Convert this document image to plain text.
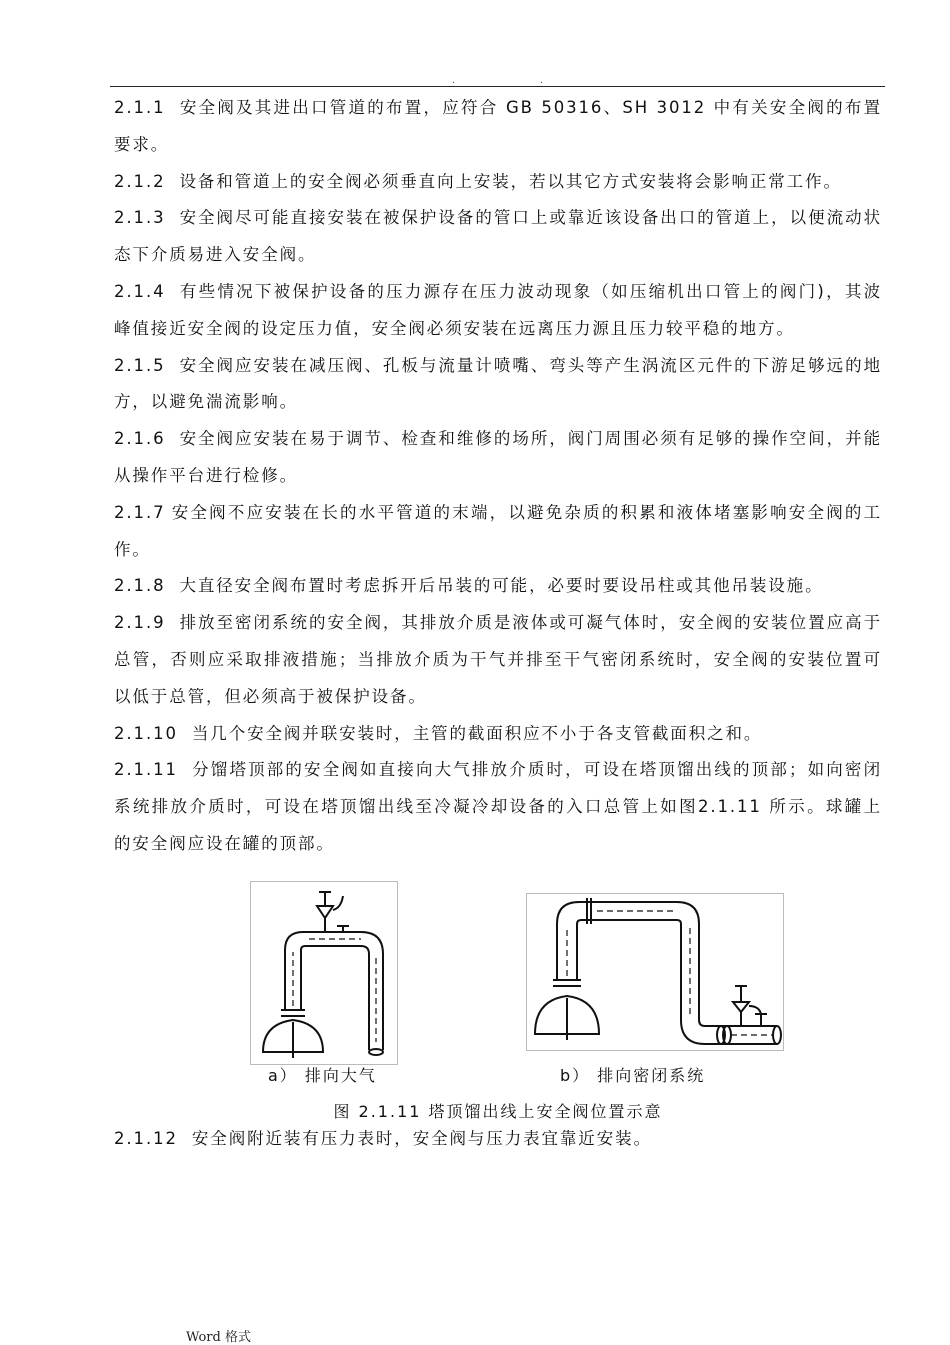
.	.

2.1.1 安全阀及其进出口管道的布置，应符合 GB 50316、SH 3012 中有关安全阀的布置要求。

2.1.2 设备和管道上的安全阀必须垂直向上安装，若以其它方式安装将会影响正常工作。

2.1.3 安全阀尽可能直接安装在被保护设备的管口上或靠近该设备出口的管道上，以便流动状态下介质易进入安全阀。

2.1.4 有些情况下被保护设备的压力源存在压力波动现象（如压缩机出口管上的阀门)，其波峰值接近安全阀的设定压力值，安全阀必须安装在远离压力源且压力较平稳的地方。

2.1.5 安全阀应安装在减压阀、孔板与流量计喷嘴、弯头等产生涡流区元件的下游足够远的地方，以避免湍流影响。

2.1.6 安全阀应安装在易于调节、检查和维修的场所，阀门周围必须有足够的操作空间，并能从操作平台进行检修。

2.1.7 安全阀不应安装在长的水平管道的末端，以避免杂质的积累和液体堵塞影响安全阀的工作。

2.1.8 大直径安全阀布置时考虑拆开后吊装的可能，必要时要设吊柱或其他吊装设施。

2.1.9 排放至密闭系统的安全阀，其排放介质是液体或可凝气体时，安全阀的安装位置应高于总管，否则应采取排液措施；当排放介质为干气并排至干气密闭系统时，安全阀的安装位置可以低于总管，但必须高于被保护设备。

2.1.10 当几个安全阀并联安装时，主管的截面积应不小于各支管截面积之和。

2.1.11 分馏塔顶部的安全阀如直接向大气排放介质时，可设在塔顶馏出线的顶部；如向密闭系统排放介质时，可设在塔顶馏出线至冷凝冷却设备的入口总管上如图2.1.11 所示。球罐上的安全阀应设在罐的顶部。

a） 排向大气	b） 排向密闭系统
图 2.1.11 塔顶馏出线上安全阀位置示意

2.1.12 安全阀附近装有压力表时，安全阀与压力表宜靠近安装。

Word 格式
